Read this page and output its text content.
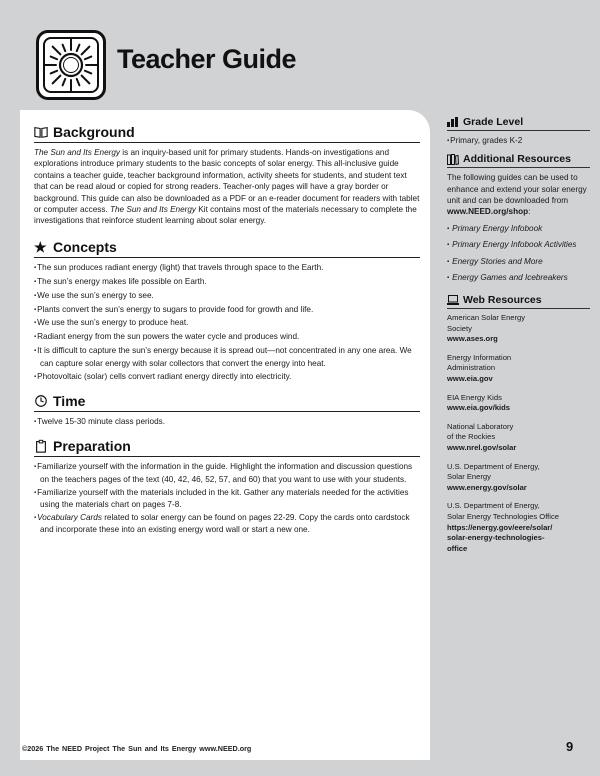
Teacher Guide
Background

The Sun and Its Energy is an inquiry-based unit for primary students. Hands-on investigations and explorations introduce primary students to the basic concepts of solar energy. This all-inclusive guide contains a teacher guide, teacher background information, activity sheets for students, and student text that can be read aloud or copied for strong readers. Teacher-only pages will have a gray border or background. This guide can also be downloaded as a PDF or an e-reader document for readers with tablet or computer access. The Sun and Its Energy Kit contains most of the materials necessary to complete the investigations that reinforce student learning about solar energy.

★ Concepts
▪ The sun produces radiant energy (light) that travels through space to the Earth.
▪ The sun’s energy makes life possible on Earth.
▪ We use the sun’s energy to see.
▪ Plants convert the sun’s energy to sugars to provide food for growth and life.
▪ We use the sun’s energy to produce heat.
▪ Radiant energy from the sun powers the water cycle and produces wind.
▪ It is difficult to capture the sun’s energy because it is spread out—not concentrated in any one area. We can capture solar energy with solar collectors that convert the energy into heat.
▪ Photovoltaic (solar) cells convert radiant energy directly into electricity.
Time
▪ Twelve 15-30 minute class periods.
Preparation
▪ Familiarize yourself with the information in the guide. Highlight the information and discussion questions on the teachers pages of the text (40, 42, 46, 52, 57, and 60) that you want to use with your students.
▪ Familiarize yourself with the materials included in the kit. Gather any materials needed for the activities using the materials chart on pages 7-8.
▪ Vocabulary Cards related to solar energy can be found on pages 22-29. Copy the cards onto cardstock and incorporate these into an existing energy word wall or start a new one.
Grade Level
▪ Primary, grades K-2
Additional Resources

The following guides can be used to enhance and extend your solar energy unit and can be downloaded from www.NEED.org/shop:

▪ Primary Energy Infobook
▪ Primary Energy Infobook Activities
▪ Energy Stories and More
▪ Energy Games and Icebreakers
Web Resources
American Solar Energy
Society
www.ases.org
Energy Information
Administration
www.eia.gov
EIA Energy Kids
www.eia.gov/kids
National Laboratory
of the Rockies
www.nrel.gov/solar
U.S. Department of Energy,
Solar Energy
www.energy.gov/solar
U.S. Department of Energy,
Solar Energy Technologies Office
https://energy.gov/eere/solar/
solar-energy-technologies-
office
©2026 The NEED Project The Sun and Its Energy www.NEED.org	9
